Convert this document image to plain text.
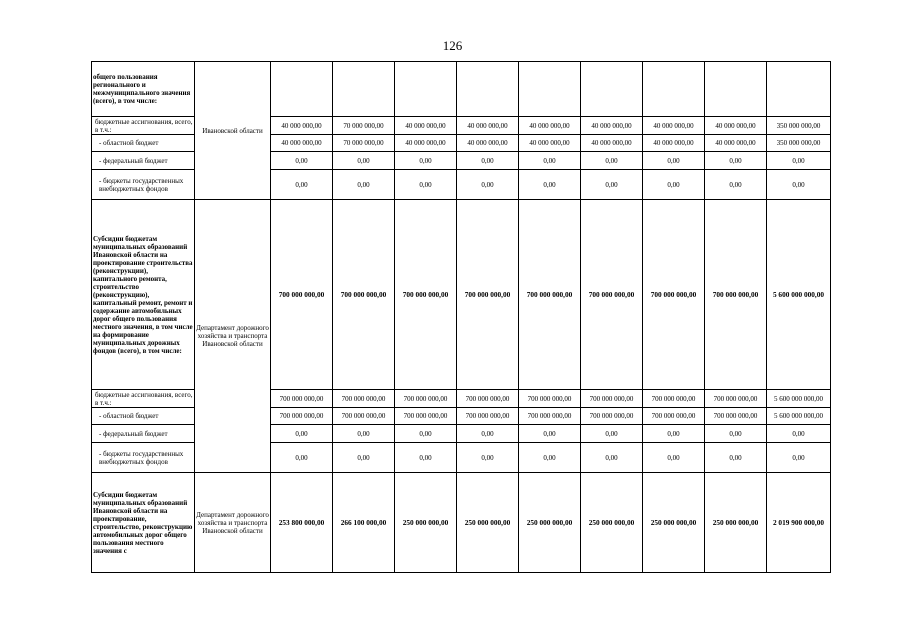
126
общего пользования регионального и межмуниципального значения (всего), в том числе:	Ивановской области									
бюджетные ассигнования, всего, в т.ч.:		40 000 000,00	70 000 000,00	40 000 000,00	40 000 000,00	40 000 000,00	40 000 000,00	40 000 000,00	40 000 000,00	350 000 000,00
- областной бюджет		40 000 000,00	70 000 000,00	40 000 000,00	40 000 000,00	40 000 000,00	40 000 000,00	40 000 000,00	40 000 000,00	350 000 000,00
- федеральный бюджет		0,00	0,00	0,00	0,00	0,00	0,00	0,00	0,00	0,00
- бюджеты государственных внебюджетных фондов		0,00	0,00	0,00	0,00	0,00	0,00	0,00	0,00	0,00
Субсидии бюджетам муниципальных образований Ивановской области на проектирование строительства (реконструкции), капитального ремонта, строительство (реконструкцию), капитальный ремонт, ремонт и содержание автомобильных дорог общего пользования местного значения, в том числе на формирование муниципальных дорожных фондов (всего), в том числе:	Департамент дорожного хозяйства и транспорта Ивановской области	700 000 000,00	700 000 000,00	700 000 000,00	700 000 000,00	700 000 000,00	700 000 000,00	700 000 000,00	700 000 000,00	5 600 000 000,00
бюджетные ассигнования, всего, в т.ч.:		700 000 000,00	700 000 000,00	700 000 000,00	700 000 000,00	700 000 000,00	700 000 000,00	700 000 000,00	700 000 000,00	5 600 000 000,00
- областной бюджет		700 000 000,00	700 000 000,00	700 000 000,00	700 000 000,00	700 000 000,00	700 000 000,00	700 000 000,00	700 000 000,00	5 600 000 000,00
- федеральный бюджет		0,00	0,00	0,00	0,00	0,00	0,00	0,00	0,00	0,00
- бюджеты государственных внебюджетных фондов		0,00	0,00	0,00	0,00	0,00	0,00	0,00	0,00	0,00
Субсидии бюджетам муниципальных образований Ивановской области на проектирование, строительство, реконструкцию автомобильных дорог общего пользования местного значения с	Департамент дорожного хозяйства и транспорта Ивановской области	253 800 000,00	266 100 000,00	250 000 000,00	250 000 000,00	250 000 000,00	250 000 000,00	250 000 000,00	250 000 000,00	2 019 900 000,00
